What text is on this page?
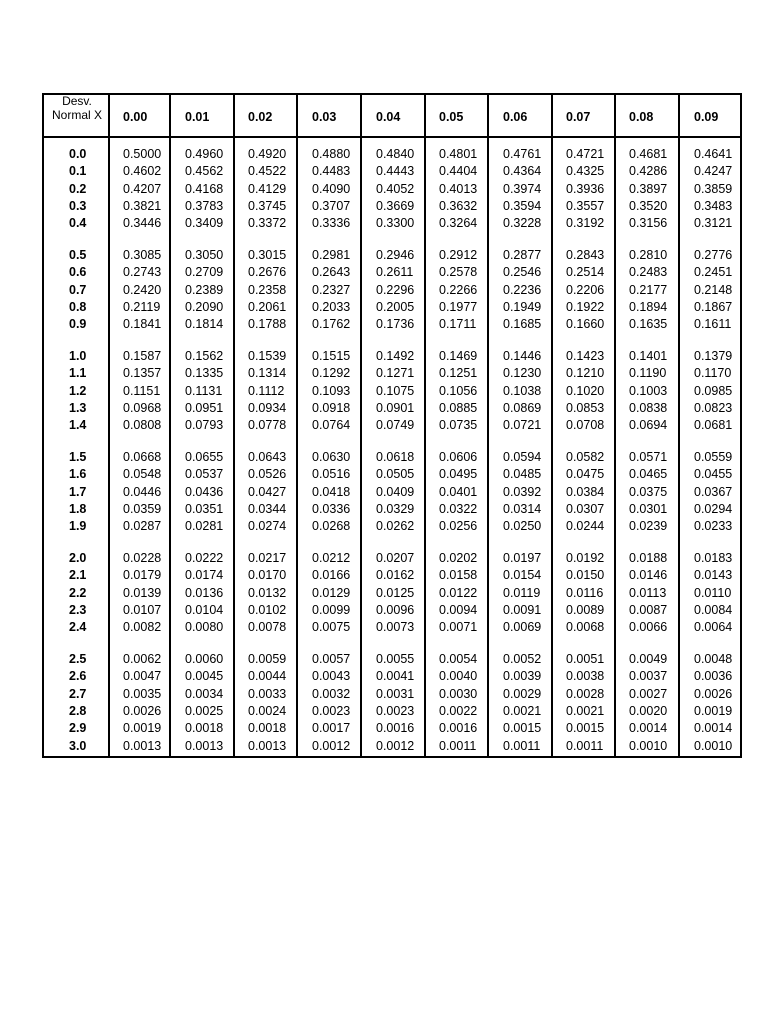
Desv.
Normal X	0.00	0.01	0.02	0.03	0.04	0.05	0.06	0.07	0.08	0.09
0.0	0.5000 0.4960 0.4920 0.4880 0.4840 0.4801 0.4761 0.4721 0.4681 0.4641
0.1	0.4602 0.4562 0.4522 0.4483 0.4443 0.4404 0.4364 0.4325 0.4286 0.4247
0.2	0.4207 0.4168 0.4129 0.4090 0.4052 0.4013 0.3974 0.3936 0.3897 0.3859
0.3	0.3821 0.3783 0.3745 0.3707 0.3669 0.3632 0.3594 0.3557 0.3520 0.3483
0.4	0.3446 0.3409 0.3372 0.3336 0.3300 0.3264 0.3228 0.3192 0.3156 0.3121
0.5	0.3085 0.3050 0.3015 0.2981 0.2946 0.2912 0.2877 0.2843 0.2810 0.2776
0.6	0.2743 0.2709 0.2676 0.2643 0.2611 0.2578 0.2546 0.2514 0.2483 0.2451
0.7	0.2420 0.2389 0.2358 0.2327 0.2296 0.2266 0.2236 0.2206 0.2177 0.2148
0.8	0.2119 0.2090 0.2061 0.2033 0.2005 0.1977 0.1949 0.1922 0.1894 0.1867
0.9	0.1841 0.1814 0.1788 0.1762 0.1736 0.1711 0.1685 0.1660 0.1635 0.1611
1.0	0.1587 0.1562 0.1539 0.1515 0.1492 0.1469 0.1446 0.1423 0.1401 0.1379
1.1	0.1357 0.1335 0.1314 0.1292 0.1271 0.1251 0.1230 0.1210 0.1190 0.1170
1.2	0.1151 0.1131 0.1112 0.1093 0.1075 0.1056 0.1038 0.1020 0.1003 0.0985
1.3	0.0968 0.0951 0.0934 0.0918 0.0901 0.0885 0.0869 0.0853 0.0838 0.0823
1.4	0.0808 0.0793 0.0778 0.0764 0.0749 0.0735 0.0721 0.0708 0.0694 0.0681
1.5	0.0668 0.0655 0.0643 0.0630 0.0618 0.0606 0.0594 0.0582 0.0571 0.0559
1.6	0.0548 0.0537 0.0526 0.0516 0.0505 0.0495 0.0485 0.0475 0.0465 0.0455
1.7	0.0446 0.0436 0.0427 0.0418 0.0409 0.0401 0.0392 0.0384 0.0375 0.0367
1.8	0.0359 0.0351 0.0344 0.0336 0.0329 0.0322 0.0314 0.0307 0.0301 0.0294
1.9	0.0287 0.0281 0.0274 0.0268 0.0262 0.0256 0.0250 0.0244 0.0239 0.0233
2.0	0.0228 0.0222 0.0217 0.0212 0.0207 0.0202 0.0197 0.0192 0.0188 0.0183
2.1	0.0179 0.0174 0.0170 0.0166 0.0162 0.0158 0.0154 0.0150 0.0146 0.0143
2.2	0.0139 0.0136 0.0132 0.0129 0.0125 0.0122 0.0119 0.0116 0.0113 0.0110
2.3	0.0107 0.0104 0.0102 0.0099 0.0096 0.0094 0.0091 0.0089 0.0087 0.0084
2.4	0.0082 0.0080 0.0078 0.0075 0.0073 0.0071 0.0069 0.0068 0.0066 0.0064
2.5	0.0062 0.0060 0.0059 0.0057 0.0055 0.0054 0.0052 0.0051 0.0049 0.0048
2.6	0.0047 0.0045 0.0044 0.0043 0.0041 0.0040 0.0039 0.0038 0.0037 0.0036
2.7	0.0035 0.0034 0.0033 0.0032 0.0031 0.0030 0.0029 0.0028 0.0027 0.0026
2.8	0.0026 0.0025 0.0024 0.0023 0.0023 0.0022 0.0021 0.0021 0.0020 0.0019
2.9	0.0019 0.0018 0.0018 0.0017 0.0016 0.0016 0.0015 0.0015 0.0014 0.0014
3.0	0.0013 0.0013 0.0013 0.0012 0.0012 0.0011 0.0011 0.0011 0.0010 0.0010
